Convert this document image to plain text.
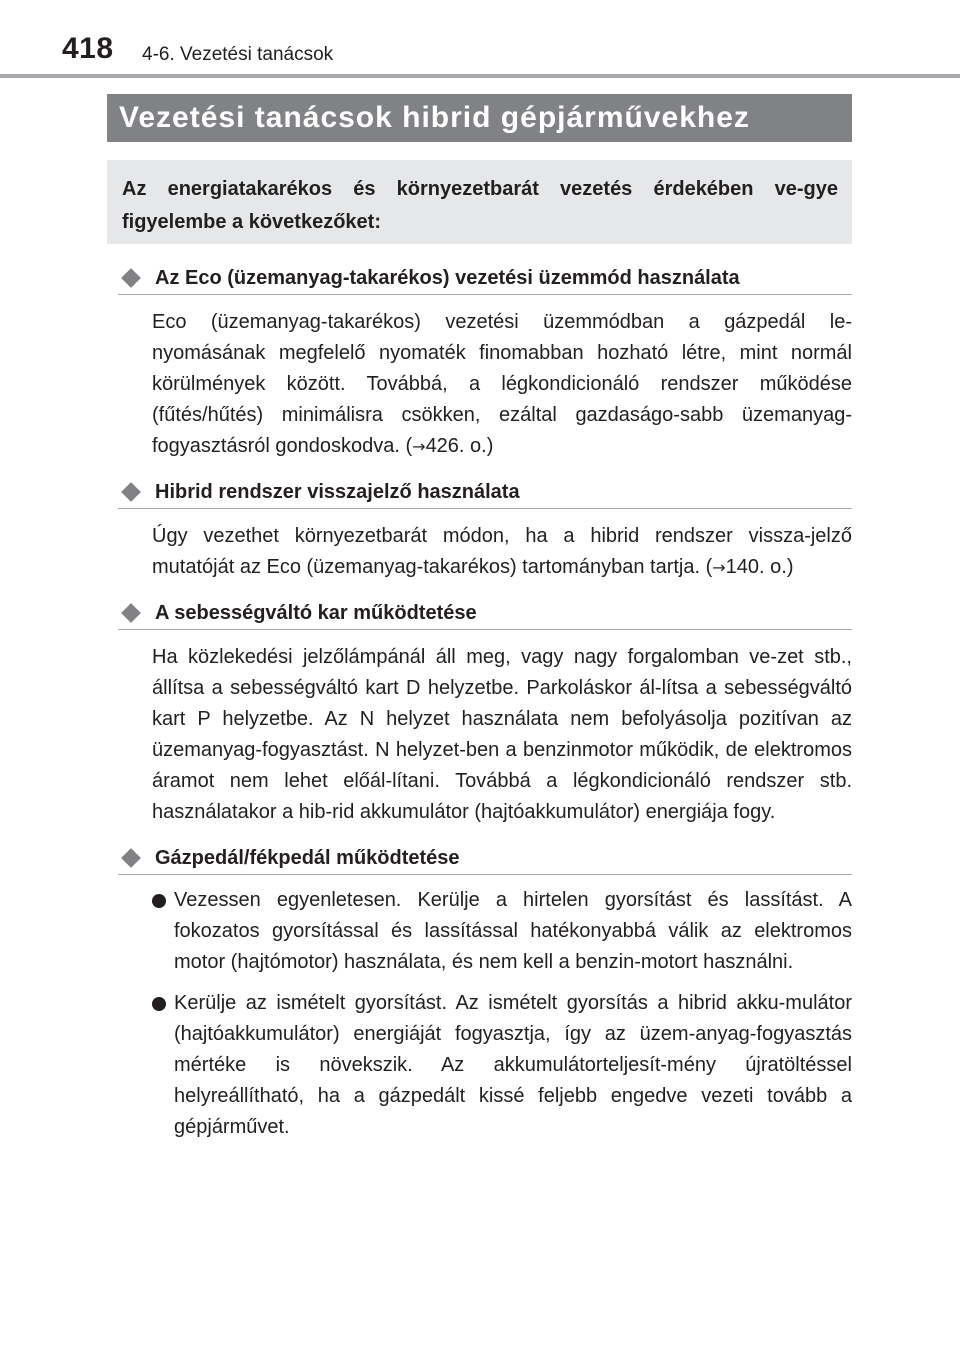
418 4-6. Vezetési tanácsok
Vezetési tanácsok hibrid gépjárművekhez
Az energiatakarékos és környezetbarát vezetés érdekében ve-gye figyelembe a következőket:
Az Eco (üzemanyag-takarékos) vezetési üzemmód használata
Eco (üzemanyag-takarékos) vezetési üzemmódban a gázpedál le-nyomásának megfelelő nyomaték finomabban hozható létre, mint normál körülmények között. Továbbá, a légkondicionáló rendszer működése (fűtés/hűtés) minimálisra csökken, ezáltal gazdaságo-sabb üzemanyag-fogyasztásról gondoskodva. (→426. o.)
Hibrid rendszer visszajelző használata
Úgy vezethet környezetbarát módon, ha a hibrid rendszer vissza-jelző mutatóját az Eco (üzemanyag-takarékos) tartományban tartja. (→140. o.)
A sebességváltó kar működtetése
Ha közlekedési jelzőlámpánál áll meg, vagy nagy forgalomban ve-zet stb., állítsa a sebességváltó kart D helyzetbe. Parkoláskor ál-lítsa a sebességváltó kart P helyzetbe. Az N helyzet használata nem befolyásolja pozitívan az üzemanyag-fogyasztást. N helyzet-ben a benzinmotor működik, de elektromos áramot nem lehet előál-lítani. Továbbá a légkondicionáló rendszer stb. használatakor a hib-rid akkumulátor (hajtóakkumulátor) energiája fogy.
Gázpedál/fékpedál működtetése
Vezessen egyenletesen. Kerülje a hirtelen gyorsítást és lassítást. A fokozatos gyorsítással és lassítással hatékonyabbá válik az elektromos motor (hajtómotor) használata, és nem kell a benzin-motort használni.
Kerülje az ismételt gyorsítást. Az ismételt gyorsítás a hibrid akku-mulátor (hajtóakkumulátor) energiáját fogyasztja, így az üzem-anyag-fogyasztás mértéke is növekszik. Az akkumulátorteljesít-mény újratöltéssel helyreállítható, ha a gázpedált kissé feljebb engedve vezeti tovább a gépjárművet.
